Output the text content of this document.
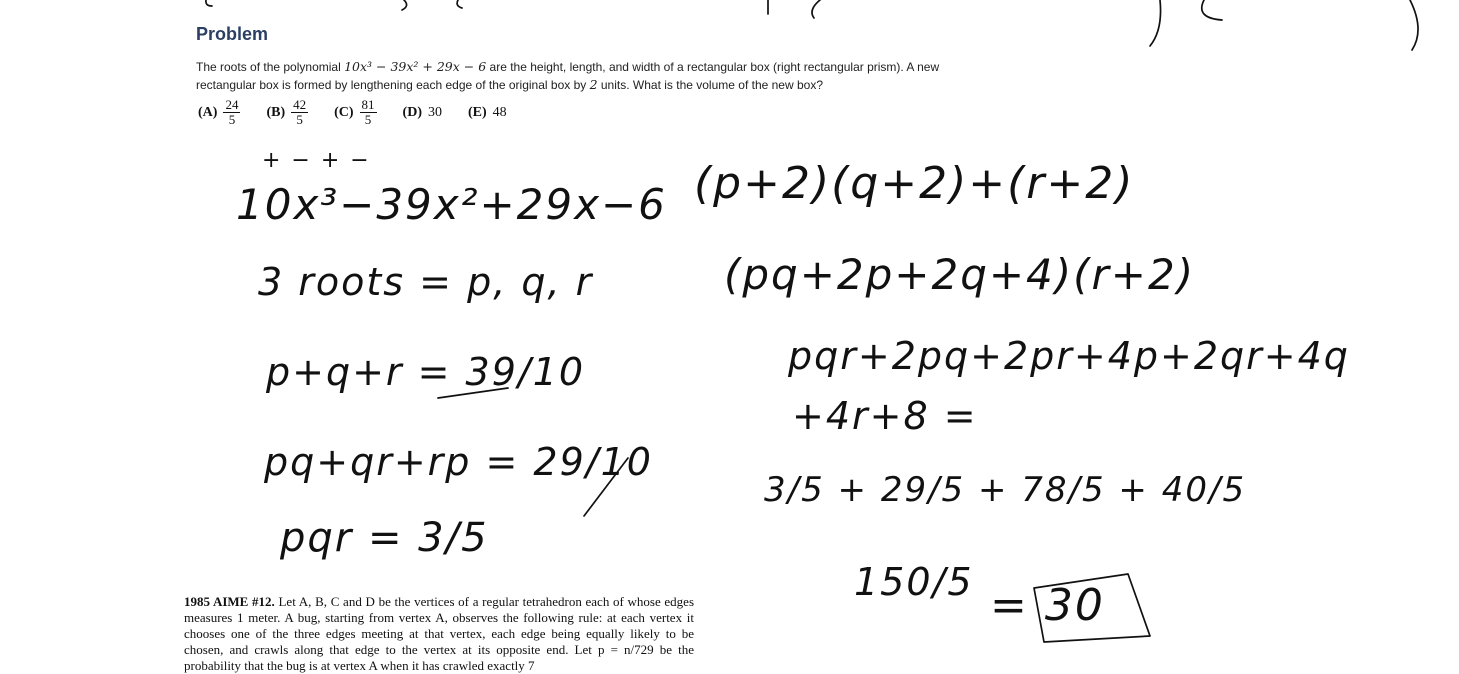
Problem
The roots of the polynomial 10x³ − 39x² + 29x − 6 are the height, length, and width of a rectangular box (right rectangular prism). A new rectangular box is formed by lengthening each edge of the original box by 2 units. What is the volume of the new box?
$(A) \frac{24}{5} (B) \frac{42}{5} (C) \frac{81}{5} (D)$ 30 (E) 48
+ − + −
10x³−39x²+29x−6
3 roots = p, q, r
p+q+r = 39/10
pq+qr+rp = 29/10
pqr = 3/5
(p+2)(q+2)+(r+2)
(pq+2p+2q+4)(r+2)
pqr+2pq+2pr+4p+2qr+4q
+4r+8 =
3/5 + 29/5 + 78/5 + 40/5
150/5 = 30
1985 AIME #12. Let A, B, C and D be the vertices of a regular tetrahedron each of whose edges measures 1 meter. A bug, starting from vertex A, observes the following rule: at each vertex it chooses one of the three edges meeting at that vertex, each edge being equally likely to be chosen, and crawls along that edge to the vertex at its opposite end. Let p = n/729 be the probability that the bug is at vertex A when it has crawled exactly 7
